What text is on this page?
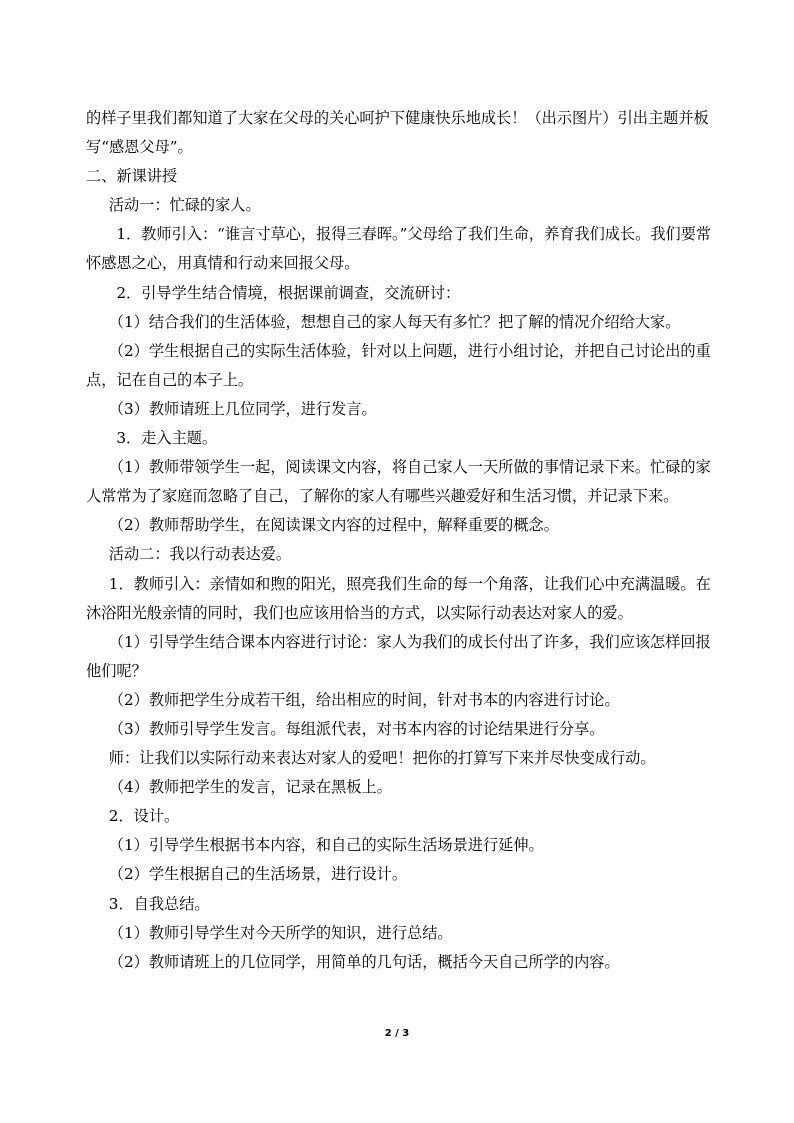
的样子里我们都知道了大家在父母的关心呵护下健康快乐地成长！（出示图片）引出主题并板写“感恩父母”。

二、新课讲授

活动一：忙碌的家人。

1．教师引入：“谁言寸草心，报得三春晖。”父母给了我们生命，养育我们成长。我们要常怀感恩之心，用真情和行动来回报父母。

2．引导学生结合情境，根据课前调查，交流研讨：

（1）结合我们的生活体验，想想自己的家人每天有多忙？把了解的情况介绍给大家。

（2）学生根据自己的实际生活体验，针对以上问题，进行小组讨论，并把自己讨论出的重点，记在自己的本子上。

（3）教师请班上几位同学，进行发言。

3．走入主题。

（1）教师带领学生一起，阅读课文内容，将自己家人一天所做的事情记录下来。忙碌的家人常常为了家庭而忽略了自己，了解你的家人有哪些兴趣爱好和生活习惯，并记录下来。

（2）教师帮助学生，在阅读课文内容的过程中，解释重要的概念。

活动二：我以行动表达爱。

1．教师引入：亲情如和煦的阳光，照亮我们生命的每一个角落，让我们心中充满温暖。在沐浴阳光般亲情的同时，我们也应该用恰当的方式，以实际行动表达对家人的爱。

（1）引导学生结合课本内容进行讨论：家人为我们的成长付出了许多，我们应该怎样回报他们呢？

（2）教师把学生分成若干组，给出相应的时间，针对书本的内容进行讨论。

（3）教师引导学生发言。每组派代表，对书本内容的讨论结果进行分享。

师：让我们以实际行动来表达对家人的爱吧！把你的打算写下来并尽快变成行动。

（4）教师把学生的发言，记录在黑板上。

2．设计。

（1）引导学生根据书本内容，和自己的实际生活场景进行延伸。

（2）学生根据自己的生活场景，进行设计。

3．自我总结。

（1）教师引导学生对今天所学的知识，进行总结。

（2）教师请班上的几位同学，用简单的几句话，概括今天自己所学的内容。

2 / 3
